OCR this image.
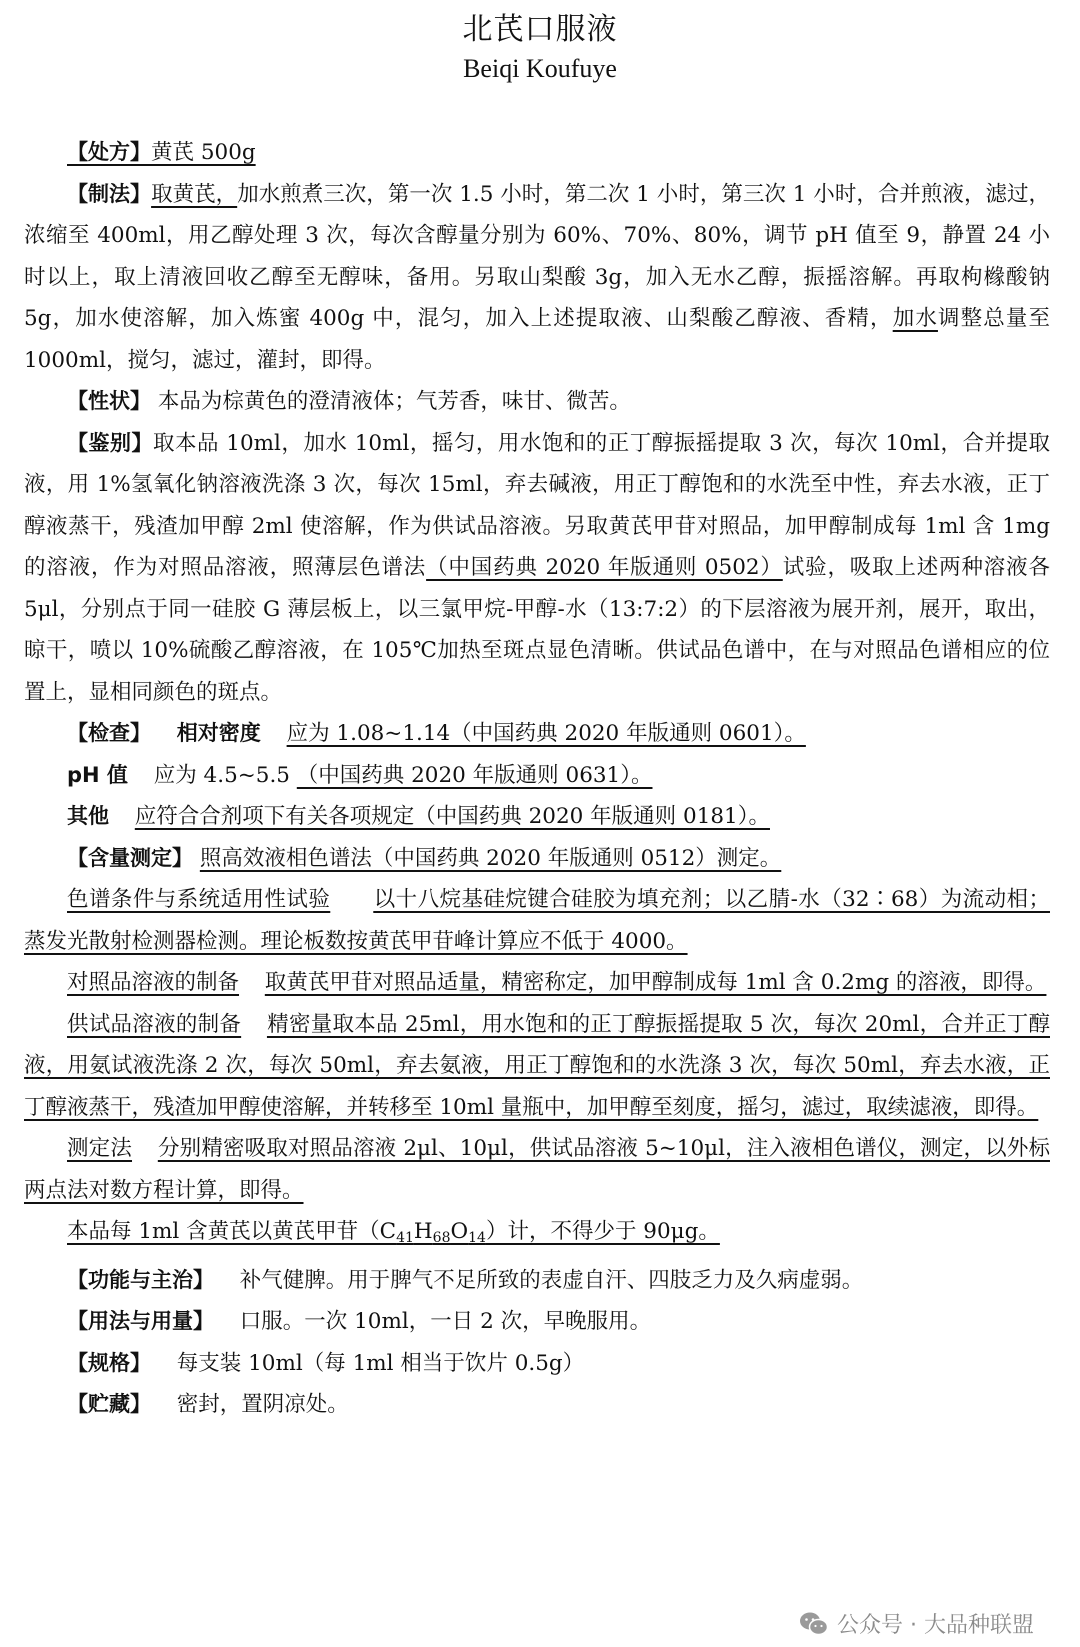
北芪口服液
Beiqi Koufuye

【处方】黄芪 500g

【制法】取黄芪，加水煎煮三次，第一次 1.5 小时，第二次 1 小时，第三次 1 小时，合并煎液，滤过，浓缩至 400ml，用乙醇处理 3 次，每次含醇量分别为 60%、70%、80%，调节 pH 值至 9，静置 24 小时以上，取上清液回收乙醇至无醇味，备用。另取山梨酸 3g，加入无水乙醇，振摇溶解。再取枸橼酸钠 5g，加水使溶解，加入炼蜜 400g 中，混匀，加入上述提取液、山梨酸乙醇液、香精，加水调整总量至 1000ml，搅匀，滤过，灌封，即得。

【性状】 本品为棕黄色的澄清液体；气芳香，味甘、微苦。

【鉴别】取本品 10ml，加水 10ml，摇匀，用水饱和的正丁醇振摇提取 3 次，每次 10ml，合并提取液，用 1%氢氧化钠溶液洗涤 3 次，每次 15ml，弃去碱液，用正丁醇饱和的水洗至中性，弃去水液，正丁醇液蒸干，残渣加甲醇 2ml 使溶解，作为供试品溶液。另取黄芪甲苷对照品，加甲醇制成每 1ml 含 1mg 的溶液，作为对照品溶液，照薄层色谱法（中国药典 2020 年版通则 0502）试验，吸取上述两种溶液各 5μl，分别点于同一硅胶 G 薄层板上，以三氯甲烷-甲醇-水（13:7:2）的下层溶液为展开剂，展开，取出，晾干，喷以 10%硫酸乙醇溶液，在 105℃加热至斑点显色清晰。供试品色谱中，在与对照品色谱相应的位置上，显相同颜色的斑点。

【检查】 相对密度 应为 1.08~1.14（中国药典 2020 年版通则 0601）。

pH 值 应为 4.5~5.5 （中国药典 2020 年版通则 0631）。

其他 应符合合剂项下有关各项规定（中国药典 2020 年版通则 0181）。

【含量测定】 照高效液相色谱法（中国药典 2020 年版通则 0512）测定。

色谱条件与系统适用性试验 以十八烷基硅烷键合硅胶为填充剂；以乙腈-水（32∶68）为流动相；蒸发光散射检测器检测。理论板数按黄芪甲苷峰计算应不低于 4000。

对照品溶液的制备 取黄芪甲苷对照品适量，精密称定，加甲醇制成每 1ml 含 0.2mg 的溶液，即得。

供试品溶液的制备 精密量取本品 25ml，用水饱和的正丁醇振摇提取 5 次，每次 20ml，合并正丁醇液，用氨试液洗涤 2 次，每次 50ml，弃去氨液，用正丁醇饱和的水洗涤 3 次，每次 50ml，弃去水液，正丁醇液蒸干，残渣加甲醇使溶解，并转移至 10ml 量瓶中，加甲醇至刻度，摇匀，滤过，取续滤液，即得。

测定法 分别精密吸取对照品溶液 2μl、10μl，供试品溶液 5~10μl，注入液相色谱仪，测定，以外标两点法对数方程计算，即得。

本品每 1ml 含黄芪以黄芪甲苷$(C_{41}H_{68}O_{14})$计，不得少于 90μg。

【功能与主治】 补气健脾。用于脾气不足所致的表虚自汗、四肢乏力及久病虚弱。

【用法与用量】 口服。一次 10ml，一日 2 次，早晚服用。

【规格】 每支装 10ml（每 1ml 相当于饮片 0.5g）

【贮藏】 密封，置阴凉处。

公众号 · 大品种联盟
